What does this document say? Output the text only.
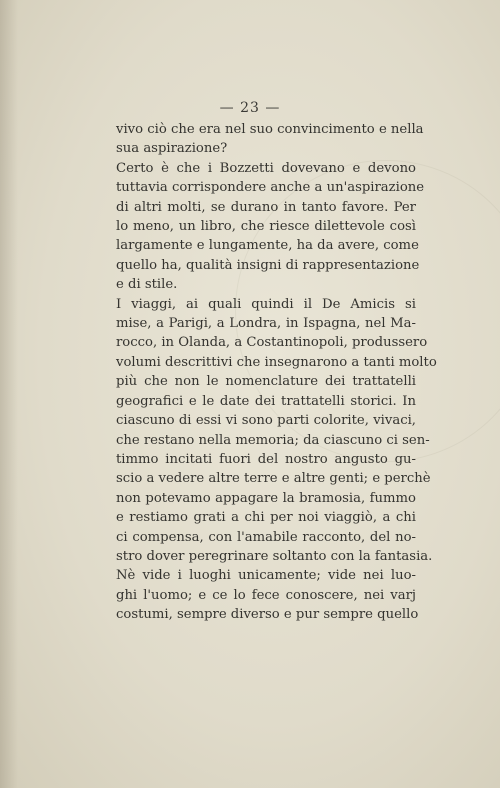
— 23 —
vivo ciò che era nel suo convincimento e nella
sua aspirazione?
Certo è che i Bozzetti dovevano e devono
tuttavia corrispondere anche a un'aspirazione
di altri molti, se durano in tanto favore. Per
lo meno, un libro, che riesce dilettevole così
largamente e lungamente, ha da avere, come
quello ha, qualità insigni di rappresentazione
e di stile.
I viaggi, ai quali quindi il De Amicis si
mise, a Parigi, a Londra, in Ispagna, nel Ma-
rocco, in Olanda, a Costantinopoli, produssero
volumi descrittivi che insegnarono a tanti molto
più che non le nomenclature dei trattatelli
geografici e le date dei trattatelli storici. In
ciascuno di essi vi sono parti colorite, vivaci,
che restano nella memoria; da ciascuno ci sen-
timmo incitati fuori del nostro angusto gu-
scio a vedere altre terre e altre genti; e perchè
non potevamo appagare la bramosia, fummo
e restiamo grati a chi per noi viaggiò, a chi
ci compensa, con l'amabile racconto, del no-
stro dover peregrinare soltanto con la fantasia.
Nè vide i luoghi unicamente; vide nei luo-
ghi l'uomo; e ce lo fece conoscere, nei varj
costumi, sempre diverso e pur sempre quello
